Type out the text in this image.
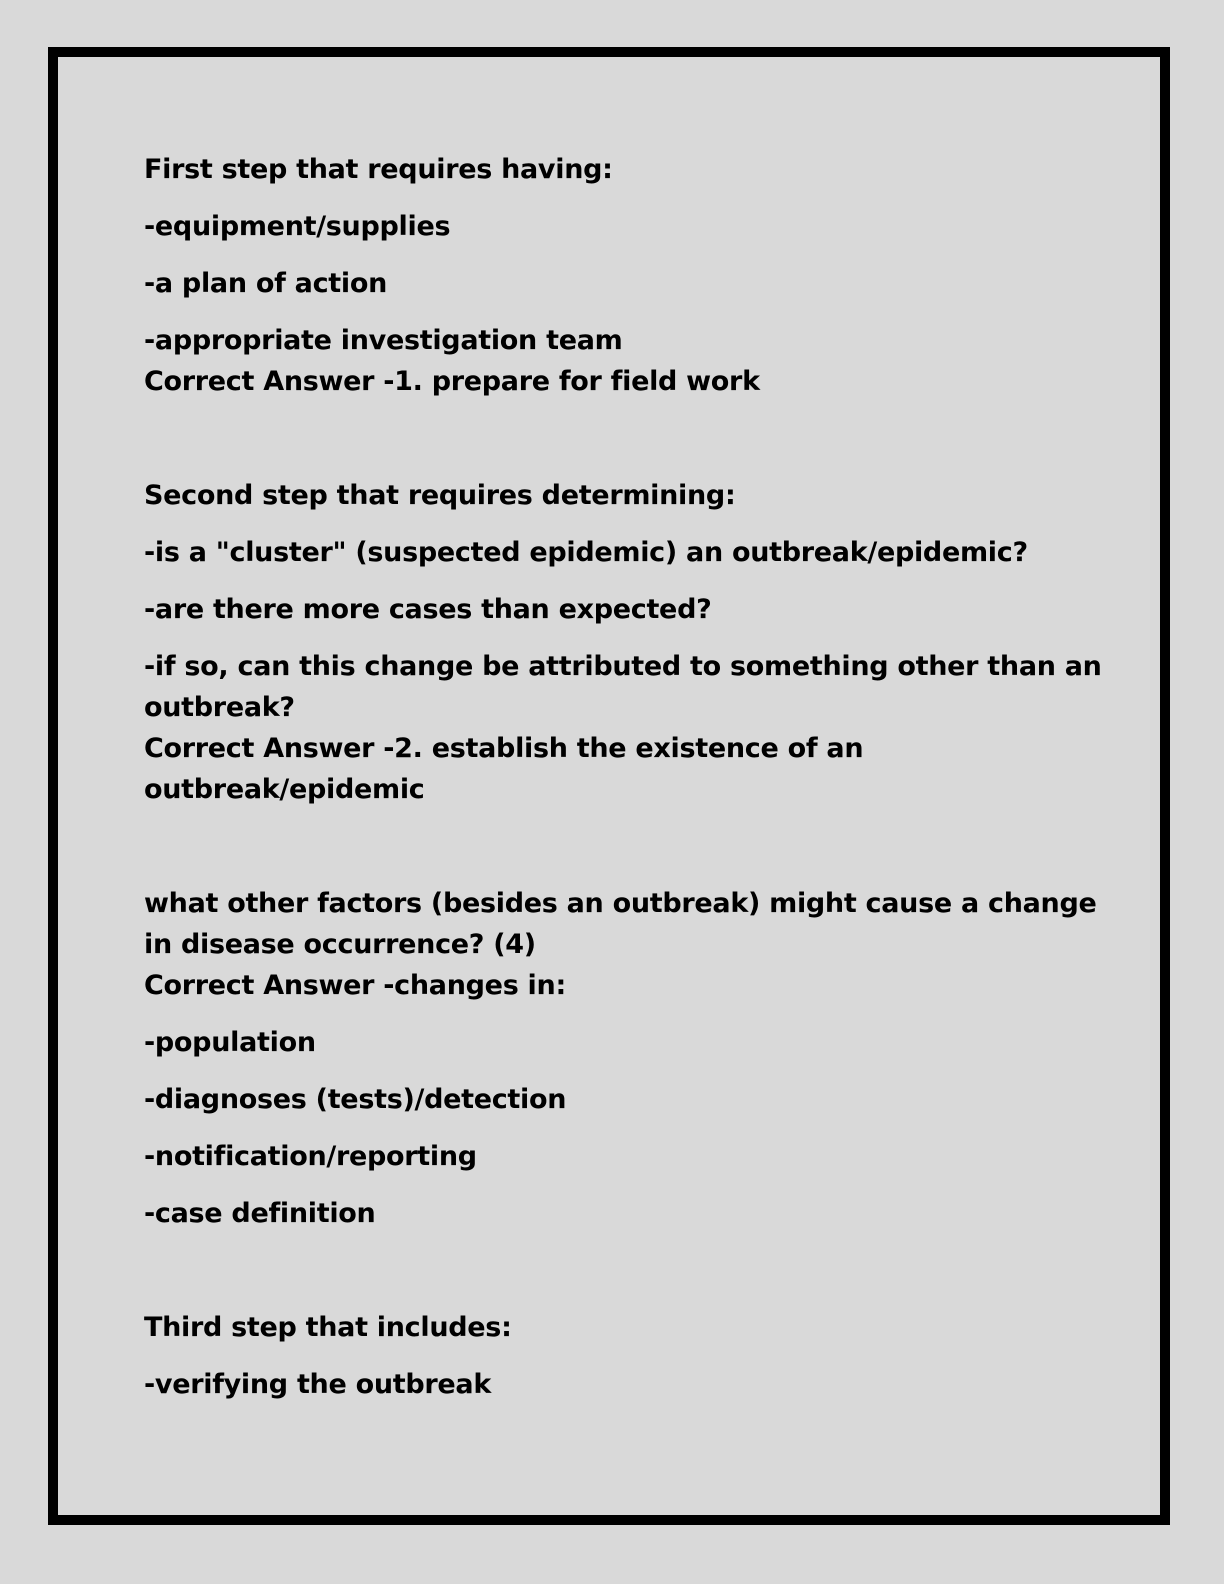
First step that requires having:
-equipment/supplies
-a plan of action
-appropriate investigation team
Correct Answer -1. prepare for field work
Second step that requires determining:
-is a "cluster" (suspected epidemic) an outbreak/epidemic?
-are there more cases than expected?
-if so, can this change be attributed to something other than an
outbreak?
Correct Answer -2. establish the existence of an
outbreak/epidemic
what other factors (besides an outbreak) might cause a change
in disease occurrence? (4)
Correct Answer -changes in:
-population
-diagnoses (tests)/detection
-notification/reporting
-case definition
Third step that includes:
-verifying the outbreak
